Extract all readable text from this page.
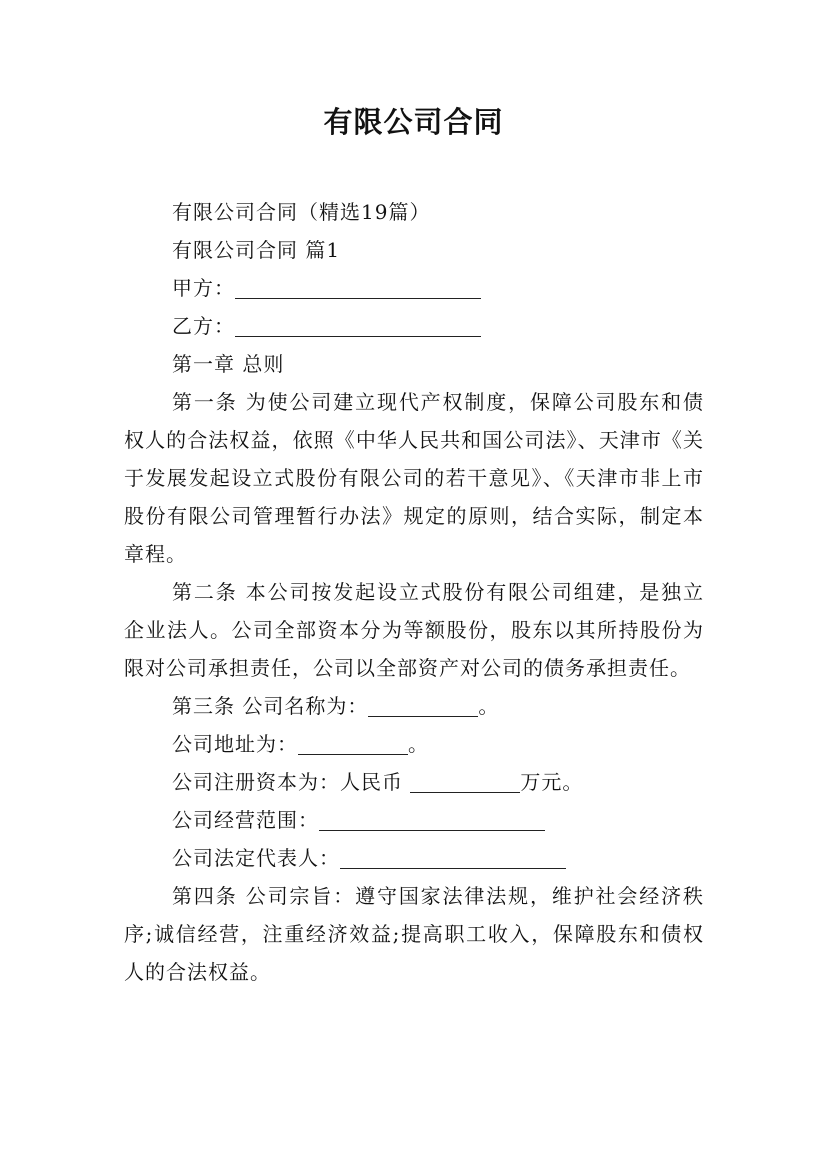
有限公司合同

有限公司合同（精选19篇）

有限公司合同 篇1

甲方：

乙方：

第一章 总则

第一条 为使公司建立现代产权制度，保障公司股东和债权人的合法权益，依照《中华人民共和国公司法》、天津市《关于发展发起设立式股份有限公司的若干意见》、《天津市非上市股份有限公司管理暂行办法》规定的原则，结合实际，制定本章程。

第二条 本公司按发起设立式股份有限公司组建，是独立企业法人。公司全部资本分为等额股份，股东以其所持股份为限对公司承担责任，公司以全部资产对公司的债务承担责任。

第三条 公司名称为：	。

公司地址为：	。

公司注册资本为：人民币	万元。

公司经营范围：

公司法定代表人：

第四条 公司宗旨：遵守国家法律法规，维护社会经济秩序;诚信经营，注重经济效益;提高职工收入，保障股东和债权人的合法权益。
